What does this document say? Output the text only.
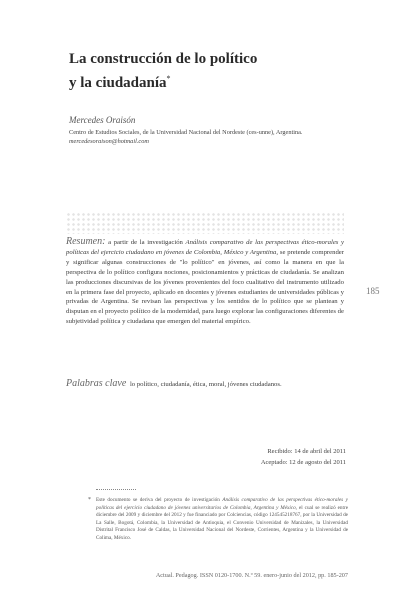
La construcción de lo político
y la ciudadanía*
Mercedes Oraisón
Centro de Estudios Sociales, de la Universidad Nacional del Nordeste (ces-unne), Argentina.
mercedesoraison@hotmail.com
Resumen: a partir de la investigación Análisis comparativo de las perspectivas ético-morales y políticas del ejercicio ciudadano en jóvenes de Colombia, México y Argentina, se pretende comprender y significar algunas construcciones de "lo político" en jóvenes, así como la manera en que la perspectiva de lo político configura nociones, posicionamientos y prácticas de ciudadanía. Se analizan las producciones discursivas de los jóvenes provenientes del foco cualitativo del instrumento utilizado en la primera fase del proyecto, aplicado en docentes y jóvenes estudiantes de universidades públicas y privadas de Argentina. Se revisan las perspectivas y los sentidos de lo político que se plantean y disputan en el proyecto político de la modernidad, para luego explorar las configuraciones diferentes de subjetividad política y ciudadana que emergen del material empírico.
185
Palabras clave lo político, ciudadanía, ética, moral, jóvenes ciudadanos.
Recibido: 14 de abril del 2011
Aceptado: 12 de agosto del 2011
* Este documento se deriva del proyecto de investigación Análisis comparativo de las perspectivas ético-morales y políticas del ejercicio ciudadano de jóvenes universitarios de Colombia, Argentina y México, el cual se realizó entre diciembre del 2009 y diciembre del 2012 y fue financiado por Colciencias, código 124545218767, por la Universidad de La Salle, Bogotá, Colombia, la Universidad de Antioquia, el Convenio Universidad de Manizales, la Universidad Distrital Francisco José de Caldas, la Universidad Nacional del Nordeste, Corrientes, Argentina y la Universidad de Colima, México.
Actual. Pedagog. ISSN 0120-1700. N.º 59. enero-junio del 2012, pp. 185-207
